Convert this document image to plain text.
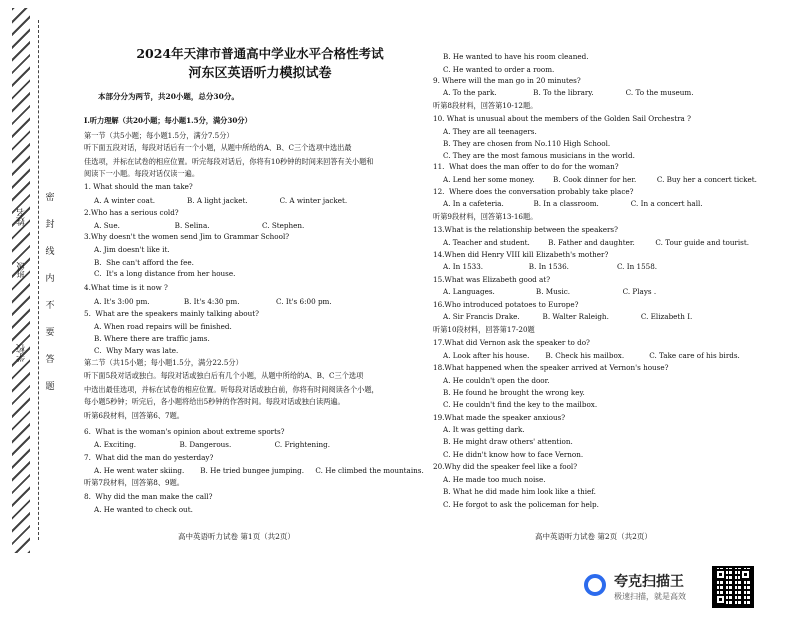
姓名
班级
学校
密
封
线
内
不
要
答
题
2024年天津市普通高中学业水平合格性考试
河东区英语听力模拟试卷
本部分分为两节，共20小题，总分30分。
Ⅰ.听力理解（共20小题；每小题1.5分，满分30分）
第一节（共5小题；每小题1.5分，满分7.5分）
听下面五段对话，每段对话后有一个小题，从题中所给的A、B、C三个选项中选出最
佳选项，并标在试卷的相应位置。听完每段对话后，你将有10秒钟的时间来回答有关小题和
阅读下一小题。每段对话仅读一遍。
1. What should the man take?
A. A winter coat.              B. A light jacket.              C. A winter jacket.
2.Who has a serious cold?
A. Sue.                        B. Selina.                       C. Stephen.
3.Why doesn't the women send Jim to Grammar School?
A. Jim doesn't like it.
B.  She can't afford the fee.
C.  It's a long distance from her house.
4.What time is it now ?
A. It's 3:00 pm.               B. It's 4:30 pm.                C. It's 6:00 pm.
5.  What are the speakers mainly talking about?
A. When road repairs will be finished.
B. Where there are traffic jams.
C.  Why Mary was late.
第二节（共15小题；每小题1.5分，满分22.5分）
听下面5段对话或独白。每段对话或独白后有几个小题，从题中所给的A、B、C三个选项
中选出最佳选项，并标在试卷的相应位置。听每段对话或独白前，你将有时间阅读各个小题，
每小题5秒钟；听完后，各小题将给出5秒钟的作答时间。每段对话或独白读两遍。
听第6段材料，回答第6、7题。
6.  What is the woman's opinion about extreme sports?
A. Exciting.                   B. Dangerous.                   C. Frightening.
7.  What did the man do yesterday?
A. He went water skiing.       B. He tried bungee jumping.     C. He climbed the mountains.
听第7段材料，回答第8、9题。
8.  Why did the man make the call?
A. He wanted to check out.
B. He wanted to have his room cleaned.
C. He wanted to order a room.
9. Where will the man go in 20 minutes?
A. To the park.                B. To the library.              C. To the museum.
听第8段材料，回答第10-12题。
10. What is unusual about the members of the Golden Sail Orchestra ?
A. They are all teenagers.
B. They are chosen from No.110 High School.
C. They are the most famous musicians in the world.
11.  What does the man offer to do for the woman?
A. Lend her some money.        B. Cook dinner for her.         C. Buy her a concert ticket.
12.  Where does the conversation probably take place?
A. In a cafeteria.             B. In a classroom.              C. In a concert hall.
听第9段材料，回答第13-16题。
13.What is the relationship between the speakers?
A. Teacher and student.        B. Father and daughter.         C. Tour guide and tourist.
14.When did Henry VIII kill Elizabeth's mother?
A. In 1533.                    B. In 1536.                     C. In 1558.
15.What was Elizabeth good at?
A. Languages.                  B. Music.                       C. Plays .
16.Who introduced potatoes to Europe?
A. Sir Francis Drake.          B. Walter Raleigh.              C. Elizabeth I.
听第10段材料，回答第17-20题
17.What did Vernon ask the speaker to do?
A. Look after his house.       B. Check his mailbox.           C. Take care of his birds.
18.What happened when the speaker arrived at Vernon's house?
A. He couldn't open the door.
B. He found he brought the wrong key.
C. He couldn't find the key to the mailbox.
19.What made the speaker anxious?
A. It was getting dark.
B. He might draw others' attention.
C. He didn't know how to face Vernon.
20.Why did the speaker feel like a fool?
A. He made too much noise.
B. What he did made him look like a thief.
C. He forgot to ask the policeman for help.
高中英语听力试卷 第1页（共2页）	高中英语听力试卷 第2页（共2页）
夸克扫描王
极速扫描，就是高效
